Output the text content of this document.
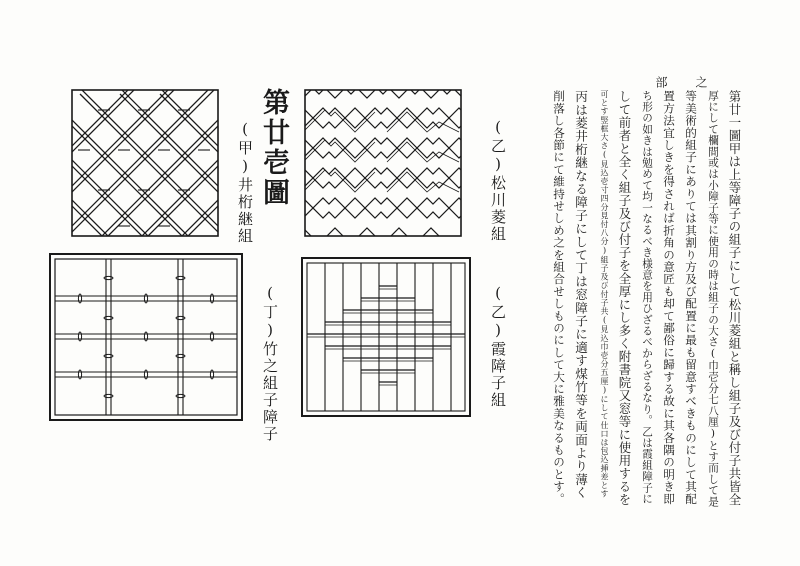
之
部
第廿壱圖
(甲)井桁継組	(乙)松川菱組
(丁)竹之組子障子	(乙)霞障子組	第廿一圖甲は上等障子の組子にして松川菱組と稱し組子及び付子共皆全
厚にして欄間或は小障子等に使用の時は組子の大さ(巾壱分七八厘)とす而して是
等美術的組子にありては其割り方及び配置に最も留意すべきものにして其配
置方法宜しきを得されば折角の意匠も却て鄙俗に歸する故に其各隅の明き即
ち形の如きは勉めて均一なるべき様意を用ひざるべからざるなり。乙は霞組障子に
して前者と全く組子及び付子を全厚にし多く附書院又窓等に使用するを
可とす竪框大さ(見込壱寸四分見付八分)組子及び付子共(見込巾壱分五厘)にして仕口は包込挿差とす
丙は菱井桁継なる障子にして丁は窓障子に適す煤竹等を両面より薄く
削落し各節にて維持せしめ之を組合せしものにして大に雅美なるものとす。
